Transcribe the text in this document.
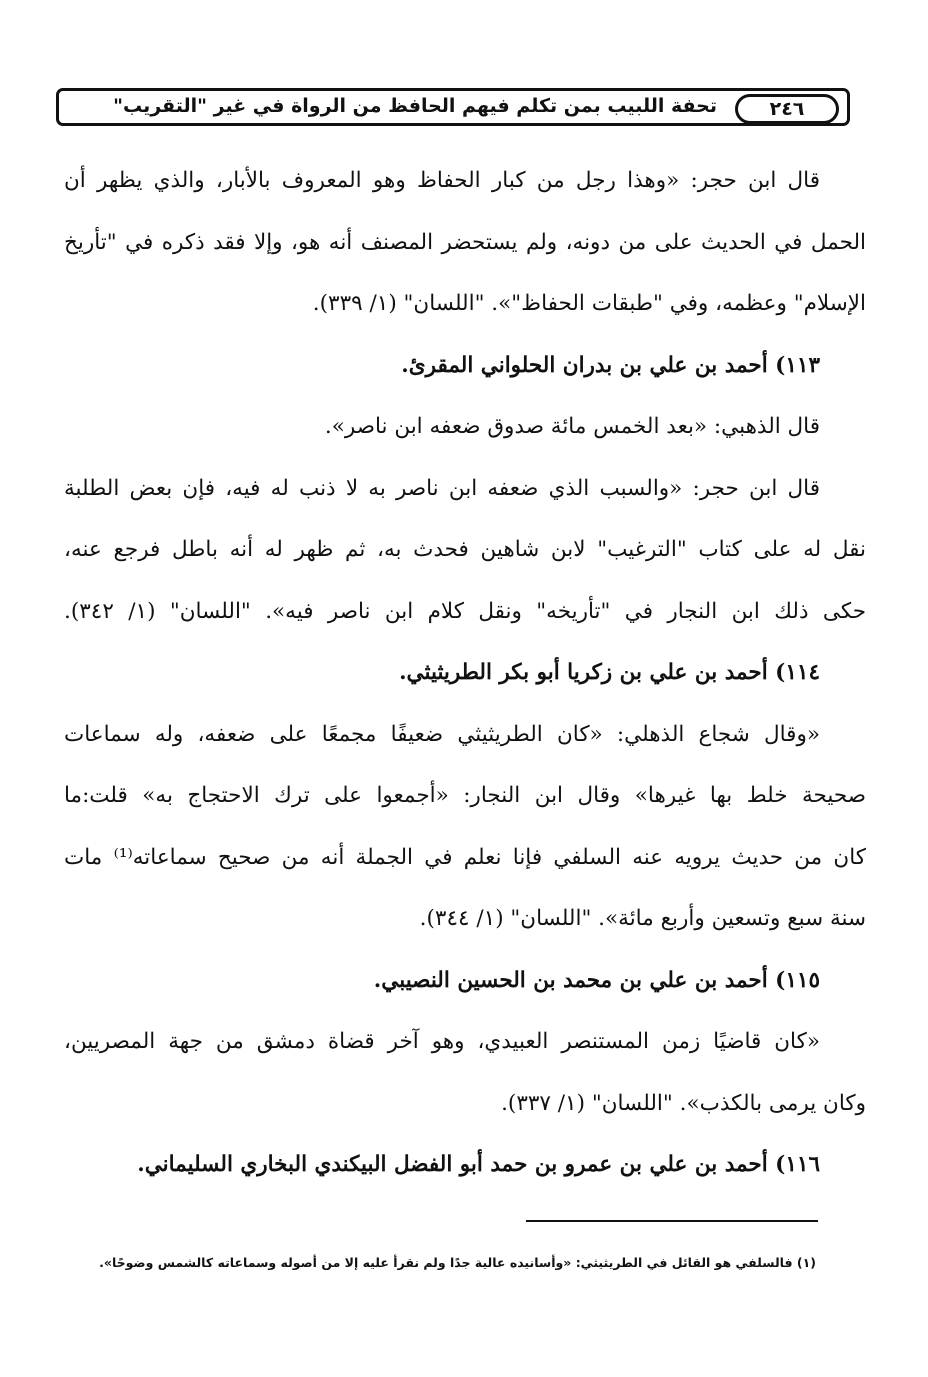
٢٤٦
تحفة اللبيب بمن تكلم فيهم الحافظ من الرواة في غير "التقريب"
قال ابن حجر: «وهذا رجل من كبار الحفاظ وهو المعروف بالأبار، والذي يظهر أن
الحمل في الحديث على من دونه، ولم يستحضر المصنف أنه هو، وإلا فقد ذكره في "تأريخ
الإسلام" وعظمه، وفي "طبقات الحفاظ"». "اللسان" (١/ ٣٣٩).
١١٣) أحمد بن علي بن بدران الحلواني المقرئ.
قال الذهبي: «بعد الخمس مائة صدوق ضعفه ابن ناصر».
قال ابن حجر: «والسبب الذي ضعفه ابن ناصر به لا ذنب له فيه، فإن بعض الطلبة
نقل له على كتاب "الترغيب" لابن شاهين فحدث به، ثم ظهر له أنه باطل فرجع عنه،
حكى ذلك ابن النجار في "تأريخه" ونقل كلام ابن ناصر فيه». "اللسان" (١/ ٣٤٢).
١١٤) أحمد بن علي بن زكريا أبو بكر الطريثيثي.
«وقال شجاع الذهلي: «كان الطريثيثي ضعيفًا مجمعًا على ضعفه، وله سماعات
صحيحة خلط بها غيرها» وقال ابن النجار: «أجمعوا على ترك الاحتجاج به» قلت:ما
كان من حديث يرويه عنه السلفي فإنا نعلم في الجملة أنه من صحيح سماعاته⁽¹⁾ مات
سنة سبع وتسعين وأربع مائة». "اللسان" (١/ ٣٤٤).
١١٥) أحمد بن علي بن محمد بن الحسين النصيبي.
«كان قاضيًا زمن المستنصر العبيدي، وهو آخر قضاة دمشق من جهة المصريين،
وكان يرمى بالكذب». "اللسان" (١/ ٣٣٧).
١١٦) أحمد بن علي بن عمرو بن حمد أبو الفضل البيكندي البخاري السليماني.
(١) فالسلفي هو القائل في الطريثيثي: «وأسانيده عالية جدًا ولم نقرأ عليه إلا من أصوله وسماعاته كالشمس وضوحًا».
